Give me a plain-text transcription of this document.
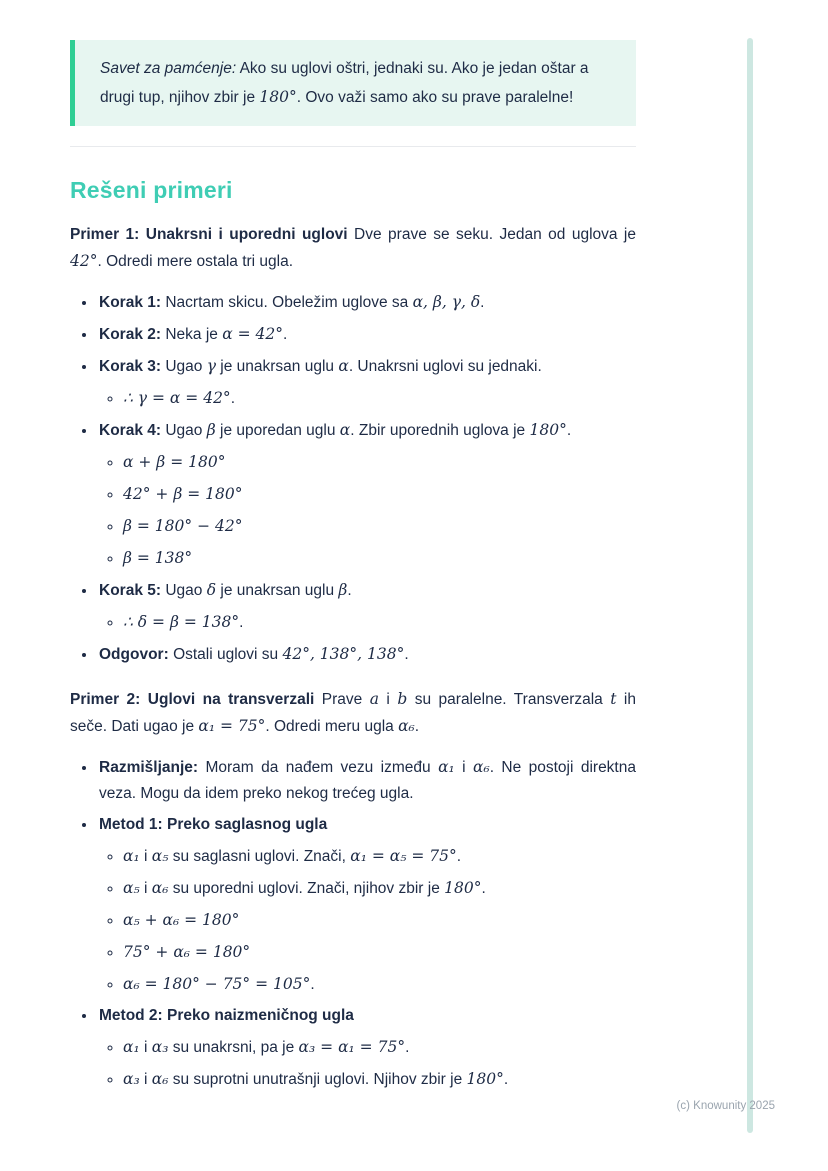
Savet za pamćenje: Ako su uglovi oštri, jednaki su. Ako je jedan oštar a drugi tup, njihov zbir je 180°. Ovo važi samo ako su prave paralelne!
Rešeni primeri

Primer 1: Unakrsni i uporedni uglovi Dve prave se seku. Jedan od uglova je 42°. Odredi mere ostala tri ugla.

• Korak 1: Nacrtam skicu. Obeležim uglove sa α, β, γ, δ.
• Korak 2: Neka je α = 42°.
• Korak 3: Ugao γ je unakrsan uglu α. Unakrsni uglovi su jednaki.
◦ ∴ γ = α = 42°.
• Korak 4: Ugao β je uporedan uglu α. Zbir uporednih uglova je 180°.
◦ α + β = 180°
◦ 42° + β = 180°
◦ β = 180° − 42°
◦ β = 138°
• Korak 5: Ugao δ je unakrsan uglu β.
◦ ∴ δ = β = 138°.
• Odgovor: Ostali uglovi su 42°, 138°, 138°.

Primer 2: Uglovi na transverzali Prave a i b su paralelne. Transverzala t ih seče. Dati ugao je α₁ = 75°. Odredi meru ugla α₆.

• Razmišljanje: Moram da nađem vezu između α₁ i α₆. Ne postoji direktna veza. Mogu da idem preko nekog trećeg ugla.
• Metod 1: Preko saglasnog ugla
◦ α₁ i α₅ su saglasni uglovi. Znači, α₁ = α₅ = 75°.
◦ α₅ i α₆ su uporedni uglovi. Znači, njihov zbir je 180°.
◦ α₅ + α₆ = 180°
◦ 75° + α₆ = 180°
◦ α₆ = 180° − 75° = 105°.
• Metod 2: Preko naizmeničnog ugla
◦ α₁ i α₃ su unakrsni, pa je α₃ = α₁ = 75°.
◦ α₃ i α₆ su suprotni unutrašnji uglovi. Njihov zbir je 180°.
(c) Knowunity 2025
